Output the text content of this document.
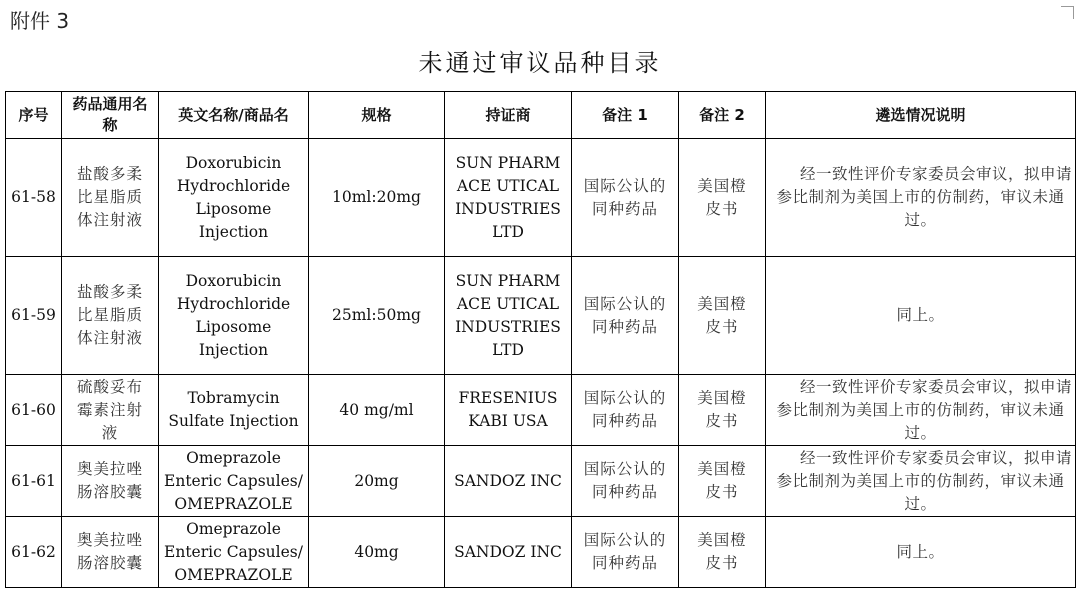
附件 3
未通过审议品种目录
序号	药品通用名称	英文名称/商品名	规格	持证商	备注 1	备注 2	遴选情况说明
61-58	盐酸多柔比星脂质体注射液	Doxorubicin Hydrochloride Liposome Injection	10ml:20mg	SUN PHARMACE UTICAL INDUSTRIES LTD	国际公认的同种药品	美国橙皮书	经一致性评价专家委员会审议，拟申请参比制剂为美国上市的仿制药，审议未通过。
61-59	盐酸多柔比星脂质体注射液	Doxorubicin Hydrochloride Liposome Injection	25ml:50mg	SUN PHARMACE UTICAL INDUSTRIES LTD	国际公认的同种药品	美国橙皮书	同上。
61-60	硫酸妥布霉素注射液	Tobramycin Sulfate Injection	40 mg/ml	FRESENIUS KABI USA	国际公认的同种药品	美国橙皮书	经一致性评价专家委员会审议，拟申请参比制剂为美国上市的仿制药，审议未通过。
61-61	奥美拉唑肠溶胶囊	Omeprazole Enteric Capsules/ OMEPRAZOLE	20mg	SANDOZ INC	国际公认的同种药品	美国橙皮书	经一致性评价专家委员会审议，拟申请参比制剂为美国上市的仿制药，审议未通过。
61-62	奥美拉唑肠溶胶囊	Omeprazole Enteric Capsules/ OMEPRAZOLE	40mg	SANDOZ INC	国际公认的同种药品	美国橙皮书	同上。
